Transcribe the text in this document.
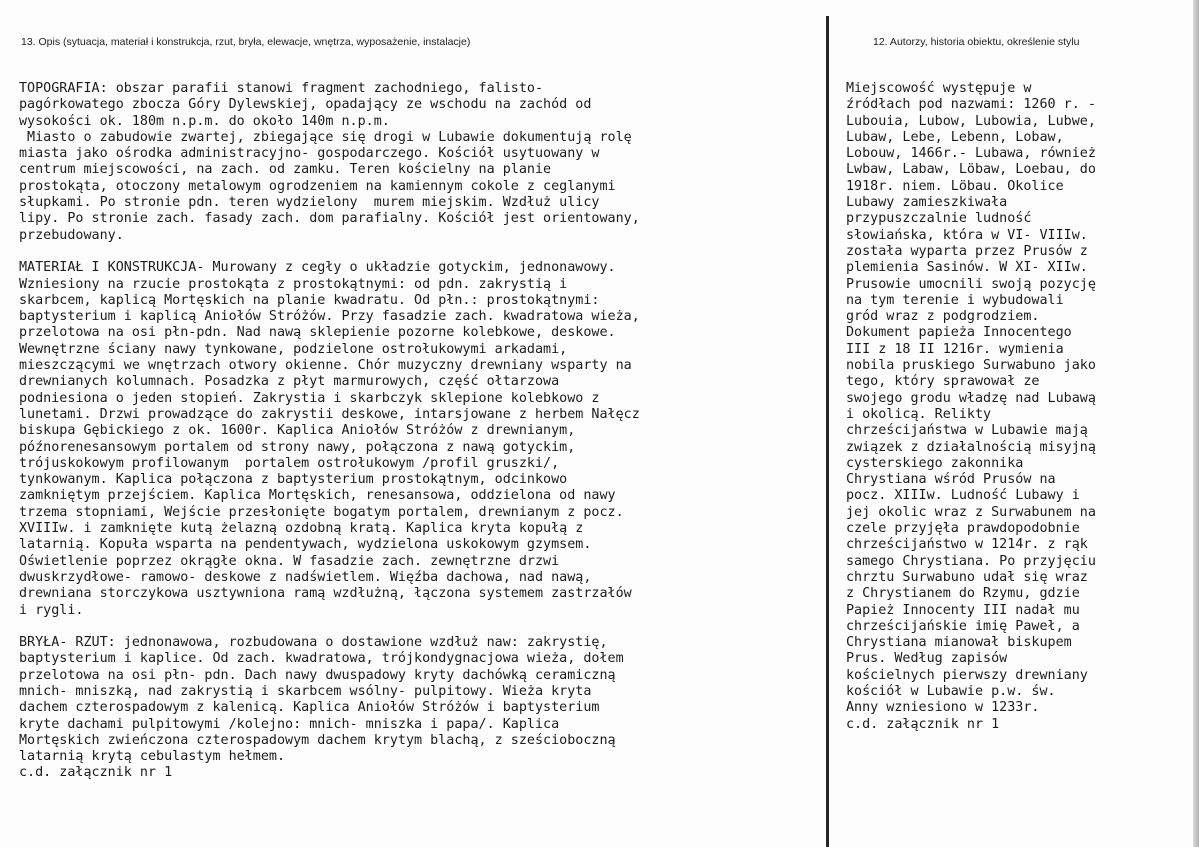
13. Opis (sytuacja, materiał i konstrukcja, rzut, bryła, elewacje, wnętrza, wyposażenie, instalacje)	12. Autorzy, historia obiektu, określenie stylu
TOPOGRAFIA: obszar parafii stanowi fragment zachodniego, falisto-
pagórkowatego zbocza Góry Dylewskiej, opadający ze wschodu na zachód od
wysokości ok. 180m n.p.m. do około 140m n.p.m.
Miasto o zabudowie zwartej, zbiegające się drogi w Lubawie dokumentują rolę
miasta jako ośrodka administracyjno- gospodarczego. Kościół usytuowany w
centrum miejscowości, na zach. od zamku. Teren kościelny na planie
prostokąta, otoczony metalowym ogrodzeniem na kamiennym cokole z ceglanymi
słupkami. Po stronie pdn. teren wydzielony  murem miejskim. Wzdłuż ulicy
lipy. Po stronie zach. fasady zach. dom parafialny. Kościół jest orientowany,
przebudowany.
MATERIAŁ I KONSTRUKCJA- Murowany z cegły o układzie gotyckim, jednonawowy.
Wzniesiony na rzucie prostokąta z prostokątnymi: od pdn. zakrystią i
skarbcem, kaplicą Mortęskich na planie kwadratu. Od płn.: prostokątnymi:
baptysterium i kaplicą Aniołów Stróżów. Przy fasadzie zach. kwadratowa wieża,
przelotowa na osi płn-pdn. Nad nawą sklepienie pozorne kolebkowe, deskowe.
Wewnętrzne ściany nawy tynkowane, podzielone ostrołukowymi arkadami,
mieszczącymi we wnętrzach otwory okienne. Chór muzyczny drewniany wsparty na
drewnianych kolumnach. Posadzka z płyt marmurowych, część ołtarzowa
podniesiona o jeden stopień. Zakrystia i skarbczyk sklepione kolebkowo z
lunetami. Drzwi prowadzące do zakrystii deskowe, intarsjowane z herbem Nałęcz
biskupa Gębickiego z ok. 1600r. Kaplica Aniołów Stróżów z drewnianym,
późnorenesansowym portalem od strony nawy, połączona z nawą gotyckim,
trójuskokowym profilowanym  portalem ostrołukowym /profil gruszki/,
tynkowanym. Kaplica połączona z baptysterium prostokątnym, odcinkowo
zamkniętym przejściem. Kaplica Mortęskich, renesansowa, oddzielona od nawy
trzema stopniami, Wejście przesłonięte bogatym portalem, drewnianym z pocz.
XVIIIw. i zamknięte kutą żelazną ozdobną kratą. Kaplica kryta kopułą z
latarnią. Kopuła wsparta na pendentywach, wydzielona uskokowym gzymsem.
Oświetlenie poprzez okrągłe okna. W fasadzie zach. zewnętrzne drzwi
dwuskrzydłowe- ramowo- deskowe z nadświetlem. Więźba dachowa, nad nawą,
drewniana storczykowa usztywniona ramą wzdłużną, łączona systemem zastrzałów
i rygli.
BRYŁA- RZUT: jednonawowa, rozbudowana o dostawione wzdłuż naw: zakrystię,
baptysterium i kaplice. Od zach. kwadratowa, trójkondygnacjowa wieża, dołem
przelotowa na osi płn- pdn. Dach nawy dwuspadowy kryty dachówką ceramiczną
mnich- mniszką, nad zakrystią i skarbcem wsólny- pulpitowy. Wieża kryta
dachem czterospadowym z kalenicą. Kaplica Aniołów Stróżów i baptysterium
kryte dachami pulpitowymi /kolejno: mnich- mniszka i papa/. Kaplica
Mortęskich zwieńczona czterospadowym dachem krytym blachą, z sześcioboczną
latarnią krytą cebulastym hełmem.
c.d. załącznik nr 1
Miejscowość występuje w
źródłach pod nazwami: 1260 r. -
Lubouia, Lubow, Lubowia, Lubwe,
Lubaw, Lebe, Lebenn, Lobaw,
Lobouw, 1466r.- Lubawa, również
Lwbaw, Labaw, Löbaw, Loebau, do
1918r. niem. Löbau. Okolice
Lubawy zamieszkiwała
przypuszczalnie ludność
słowiańska, która w VI- VIIIw.
została wyparta przez Prusów z
plemienia Sasinów. W XI- XIIw.
Prusowie umocnili swoją pozycję
na tym terenie i wybudowali
gród wraz z podgrodziem.
Dokument papieża Innocentego
III z 18 II 1216r. wymienia
nobila pruskiego Surwabuno jako
tego, który sprawował ze
swojego grodu władzę nad Lubawą
i okolicą. Relikty
chrześcijaństwa w Lubawie mają
związek z działalnością misyjną
cysterskiego zakonnika
Chrystiana wśród Prusów na
pocz. XIIIw. Ludność Lubawy i
jej okolic wraz z Surwabunem na
czele przyjęła prawdopodobnie
chrześcijaństwo w 1214r. z rąk
samego Chrystiana. Po przyjęciu
chrztu Surwabuno udał się wraz
z Chrystianem do Rzymu, gdzie
Papież Innocenty III nadał mu
chrześcijańskie imię Paweł, a
Chrystiana mianował biskupem
Prus. Według zapisów
kościelnych pierwszy drewniany
kościół w Lubawie p.w. św.
Anny wzniesiono w 1233r.
c.d. załącznik nr 1
